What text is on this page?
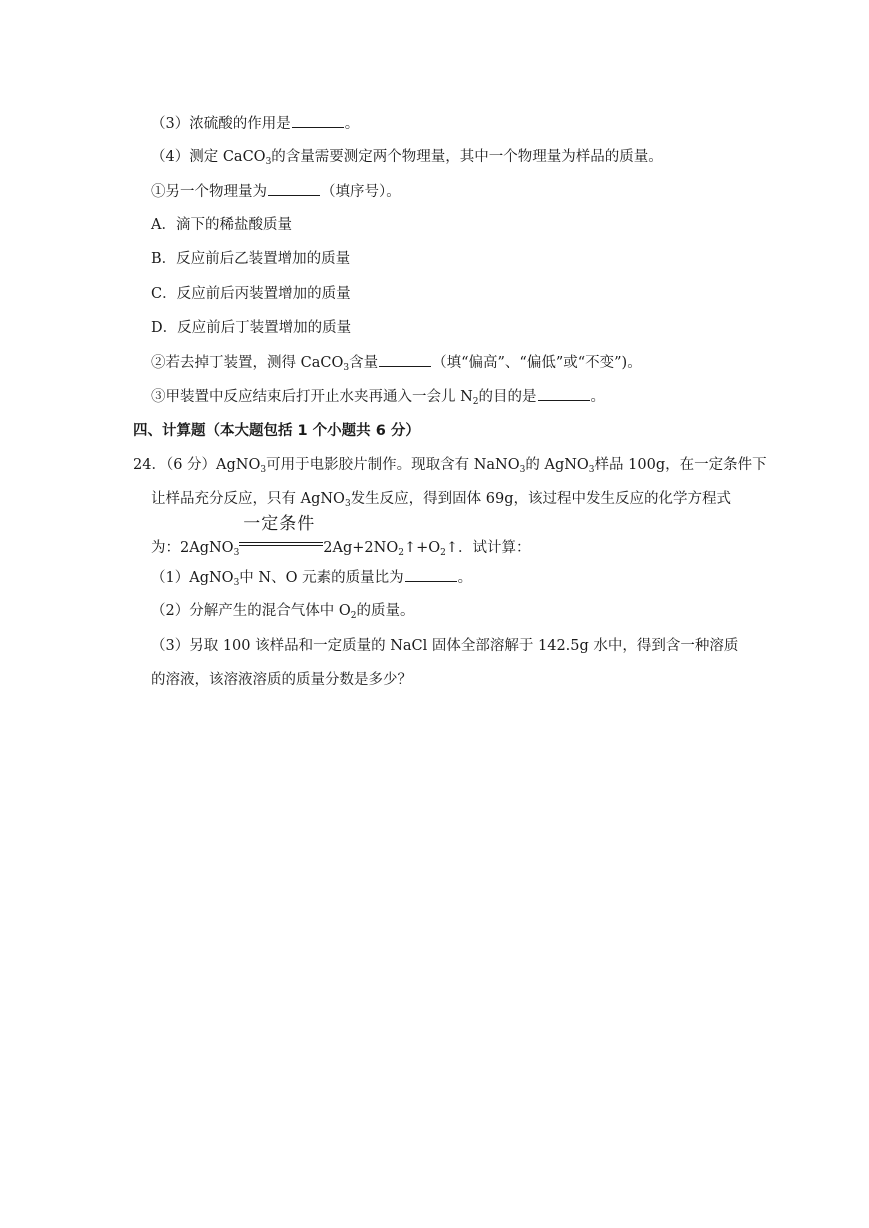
（3）浓硫酸的作用是	。
（4）测定 CaCO$_3$的含量需要测定两个物理量，其中一个物理量为样品的质量。
①另一个物理量为	（填序号）。
A．滴下的稀盐酸质量
B．反应前后乙装置增加的质量
C．反应前后丙装置增加的质量
D．反应前后丁装置增加的质量
②若去掉丁装置，测得 CaCO$_3$含量	（填“偏高”、“偏低”或“不变”)。
③甲装置中反应结束后打开止水夹再通入一会儿 $N_2$的目的是	。
四、计算题（本大题包括 1 个小题共 6 分）
24．（6 分）AgNO$_3$可用于电影胶片制作。现取含有 NaNO$_3$的 AgNO$_3$样品 100g，在一定条件下
让样品充分反应，只有 AgNO$_3$发生反应，得到固体 69g，该过程中发生反应的化学方程式
为：2AgNO$_3$
一定条件
$2Ag+2NO_2↑+O_2↑$．试计算：
（1）AgNO$_3$中 N、O 元素的质量比为	。
（2）分解产生的混合气体中 $O_2$的质量。
（3）另取 100 该样品和一定质量的 NaCl 固体全部溶解于 142.5g 水中，得到含一种溶质
的溶液，该溶液溶质的质量分数是多少？
